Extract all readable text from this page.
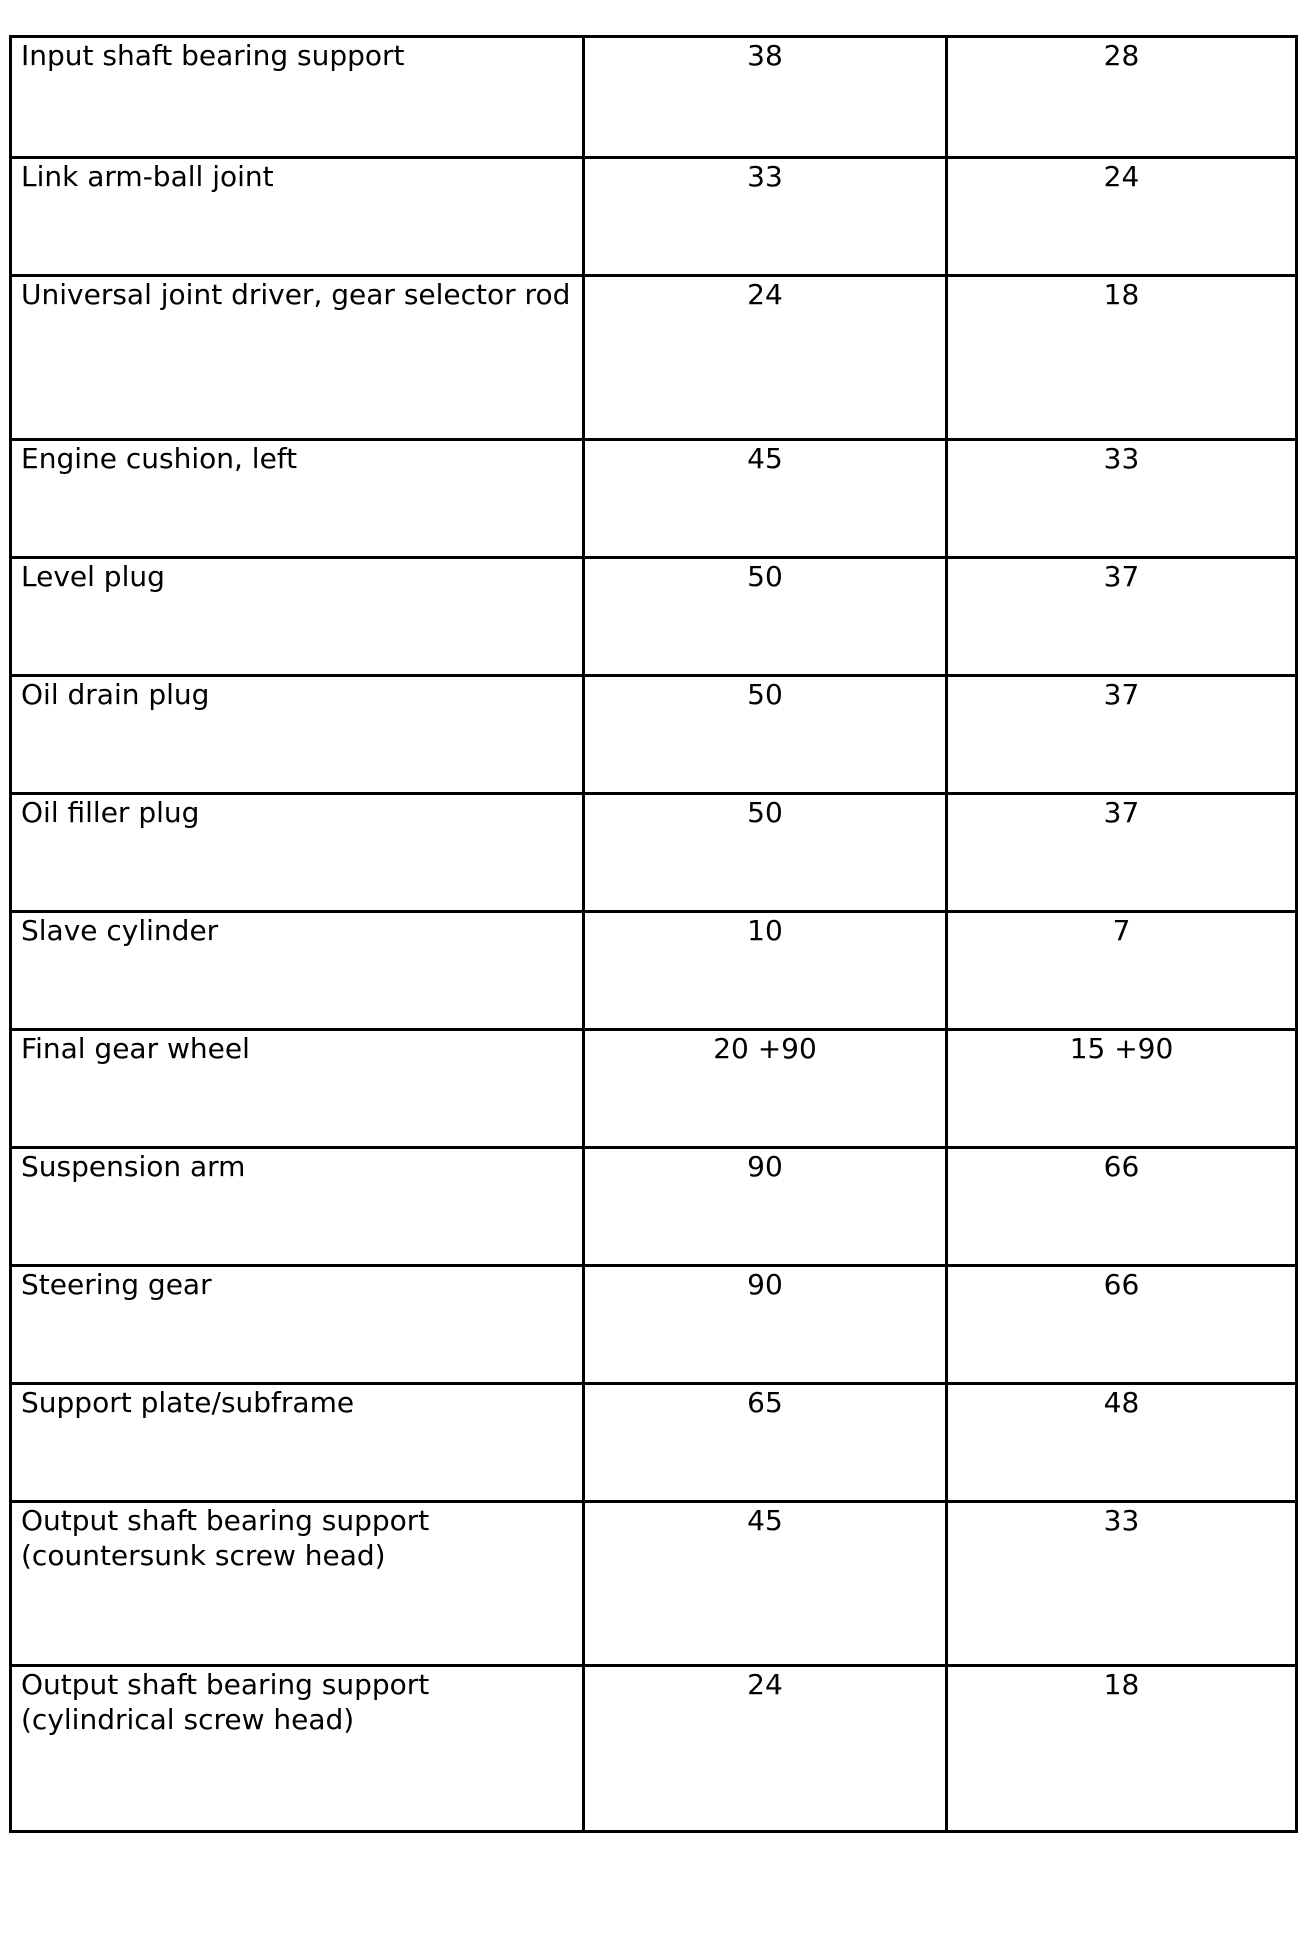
Input shaft bearing support	38	28

Link arm-ball joint	33	24

Universal joint driver, gear selector rod	24	18

Engine cushion, left	45	33

Level plug	50	37

Oil drain plug	50	37

Oil filler plug	50	37

Slave cylinder	10	7

Final gear wheel	20 +90	15 +90

Suspension arm	90	66

Steering gear	90	66

Support plate/subframe	65	48

Output shaft bearing support (countersunk screw head)	45	33

Output shaft bearing support (cylindrical screw head)	24	18
